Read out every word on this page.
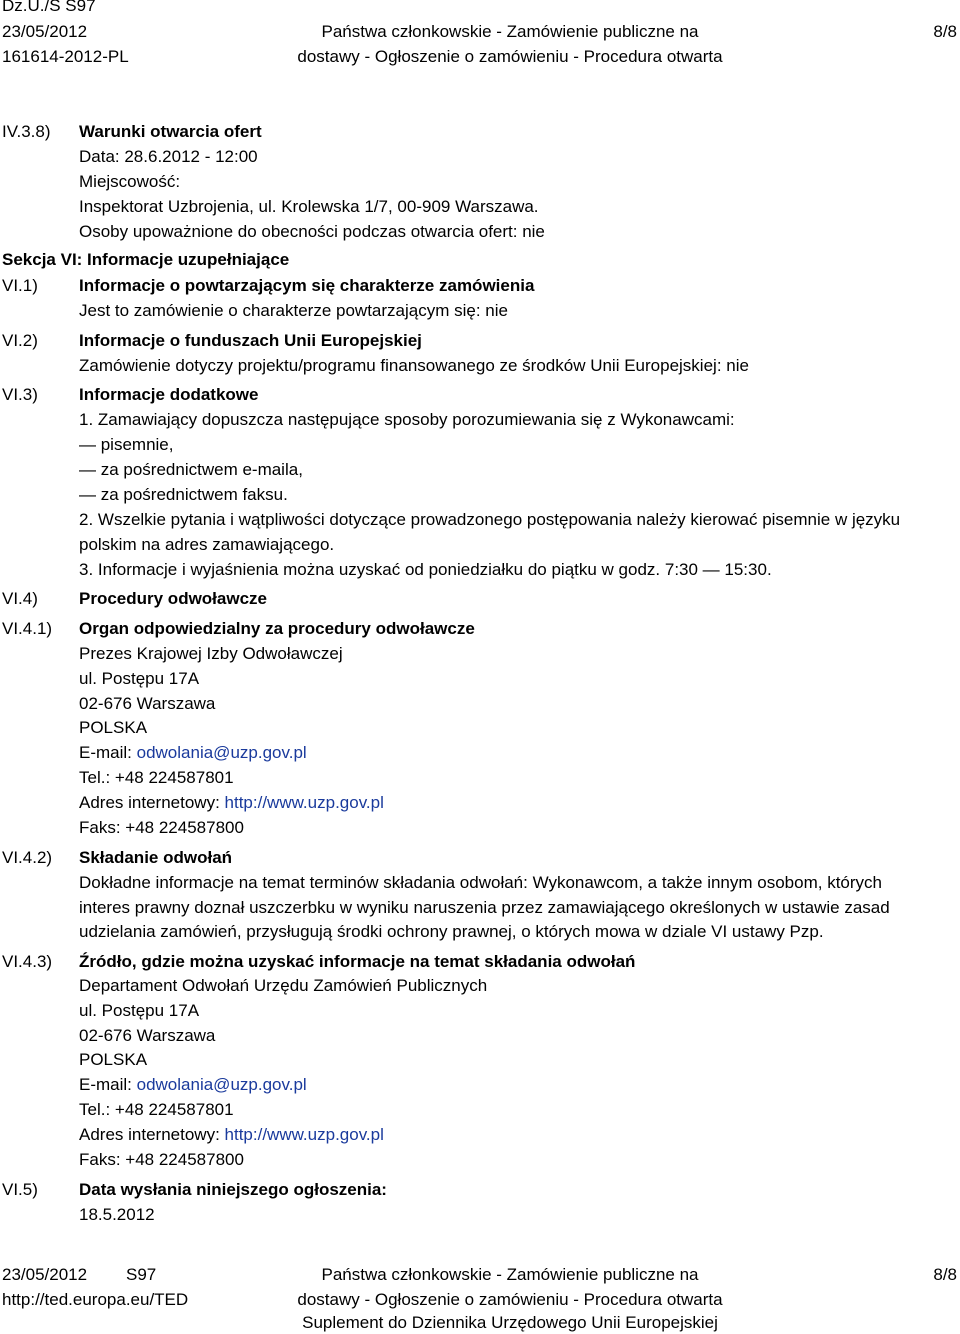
Dz.U./S S97
23/05/2012
161614-2012-PL
Państwa członkowskie - Zamówienie publiczne na
dostawy - Ogłoszenie o zamówieniu - Procedura otwarta
8/8
IV.3.8) Warunki otwarcia ofert
Data: 28.6.2012 - 12:00
Miejscowość:
Inspektorat Uzbrojenia, ul. Krolewska 1/7, 00-909 Warszawa.
Osoby upoważnione do obecności podczas otwarcia ofert: nie
Sekcja VI: Informacje uzupełniające
VI.1) Informacje o powtarzającym się charakterze zamówienia
Jest to zamówienie o charakterze powtarzającym się: nie
VI.2) Informacje o funduszach Unii Europejskiej
Zamówienie dotyczy projektu/programu finansowanego ze środków Unii Europejskiej: nie
VI.3) Informacje dodatkowe
1. Zamawiający dopuszcza następujące sposoby porozumiewania się z Wykonawcami:
— pisemnie,
— za pośrednictwem e-maila,
— za pośrednictwem faksu.
2. Wszelkie pytania i wątpliwości dotyczące prowadzonego postępowania należy kierować pisemnie w języku
polskim na adres zamawiającego.
3. Informacje i wyjaśnienia można uzyskać od poniedziałku do piątku w godz. 7:30 — 15:30.
VI.4) Procedury odwoławcze
VI.4.1) Organ odpowiedzialny za procedury odwoławcze
Prezes Krajowej Izby Odwoławczej
ul. Postępu 17A
02-676 Warszawa
POLSKA
E-mail: odwolania@uzp.gov.pl
Tel.: +48 224587801
Adres internetowy: http://www.uzp.gov.pl
Faks: +48 224587800
VI.4.2) Składanie odwołań
Dokładne informacje na temat terminów składania odwołań: Wykonawcom, a także innym osobom, których
interes prawny doznał uszczerbku w wyniku naruszenia przez zamawiającego określonych w ustawie zasad
udzielania zamówień, przysługują środki ochrony prawnej, o których mowa w dziale VI ustawy Pzp.
VI.4.3) Źródło, gdzie można uzyskać informacje na temat składania odwołań
Departament Odwołań Urzędu Zamówień Publicznych
ul. Postępu 17A
02-676 Warszawa
POLSKA
E-mail: odwolania@uzp.gov.pl
Tel.: +48 224587801
Adres internetowy: http://www.uzp.gov.pl
Faks: +48 224587800
VI.5) Data wysłania niniejszego ogłoszenia:
18.5.2012
23/05/2012 S97
http://ted.europa.eu/TED
Państwa członkowskie - Zamówienie publiczne na
dostawy - Ogłoszenie o zamówieniu - Procedura otwarta
Suplement do Dziennika Urzędowego Unii Europejskiej
8/8
